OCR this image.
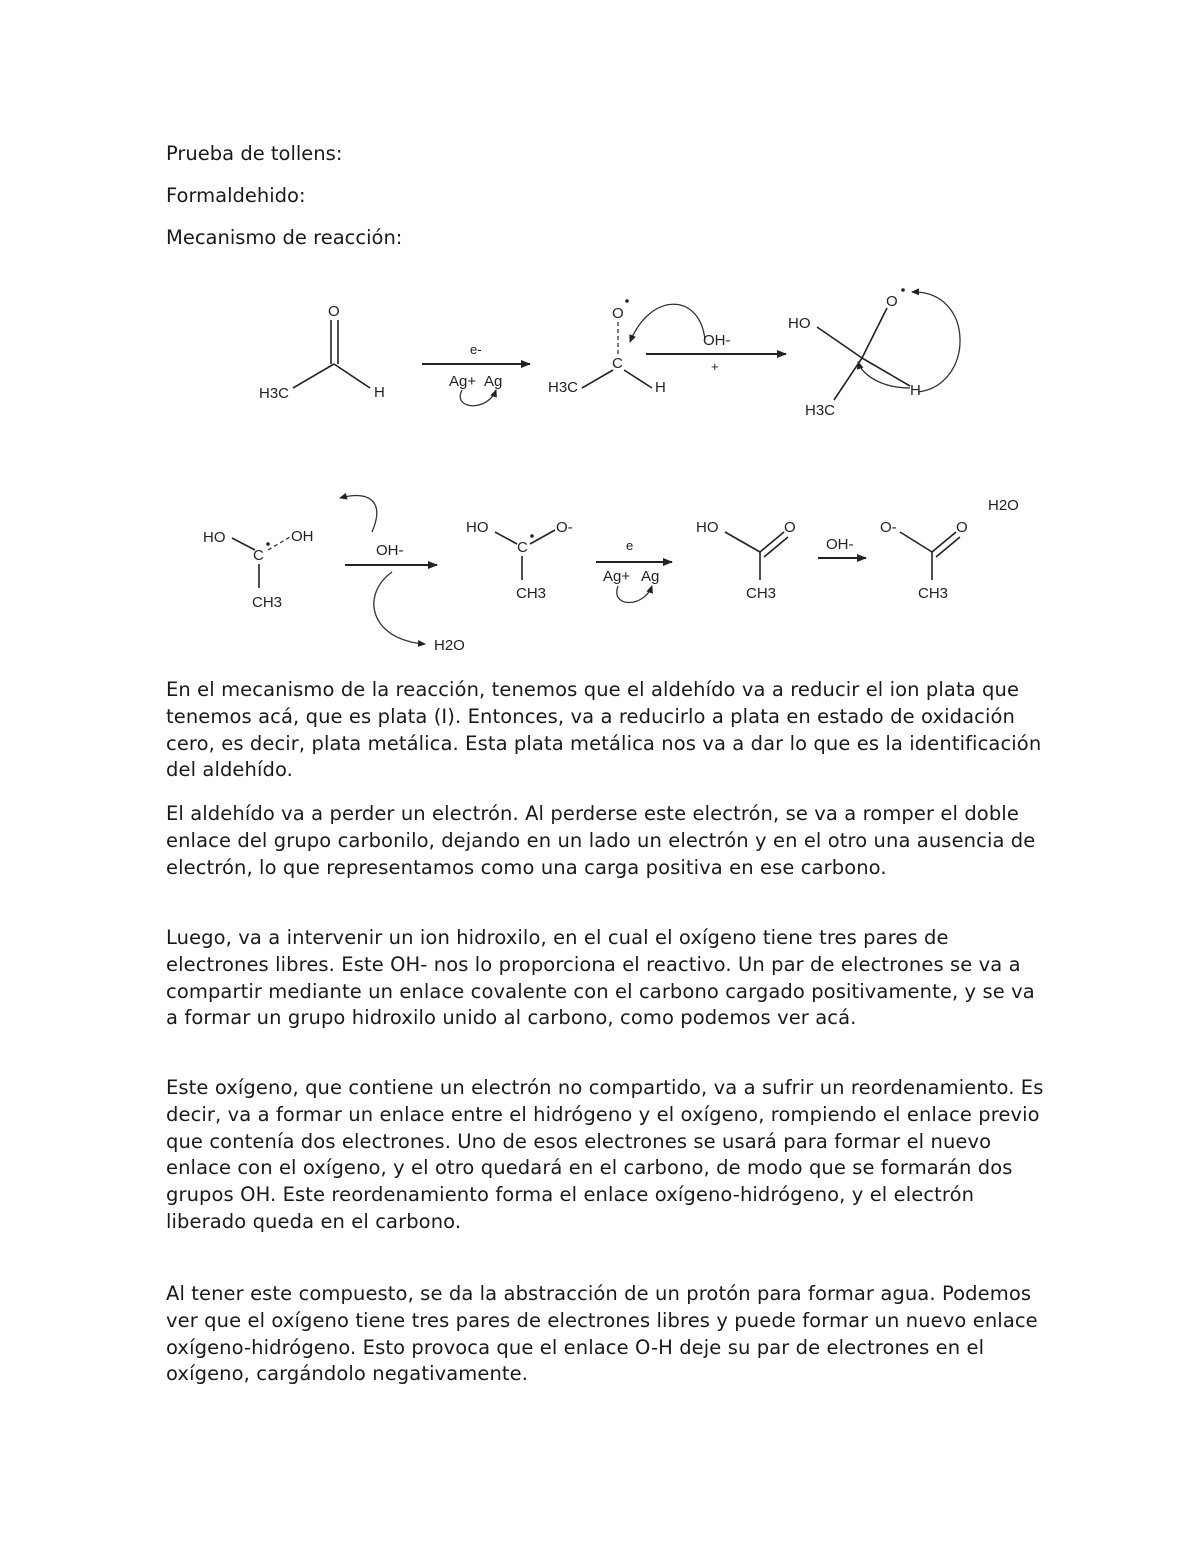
Prueba de tollens:
Formaldehido:
Mecanismo de reacción:
O
H3C	H
e-
Ag+ Ag
O
C
H3C	H
OH-
+
HO
O
H3C
H
HO	OH
C
CH3
OH-
H2O
HO	O-
C
CH3
e
Ag+ Ag
HO	O
CH3
OH-
O-	O
CH3
H2O

En el mecanismo de la reacción, tenemos que el aldehído va a reducir el ion plata que tenemos acá, que es plata (I). Entonces, va a reducirlo a plata en estado de oxidación cero, es decir, plata metálica. Esta plata metálica nos va a dar lo que es la identificación del aldehído.

El aldehído va a perder un electrón. Al perderse este electrón, se va a romper el doble enlace del grupo carbonilo, dejando en un lado un electrón y en el otro una ausencia de electrón, lo que representamos como una carga positiva en ese carbono.

Luego, va a intervenir un ion hidroxilo, en el cual el oxígeno tiene tres pares de electrones libres. Este OH- nos lo proporciona el reactivo. Un par de electrones se va a compartir mediante un enlace covalente con el carbono cargado positivamente, y se va a formar un grupo hidroxilo unido al carbono, como podemos ver acá.

Este oxígeno, que contiene un electrón no compartido, va a sufrir un reordenamiento. Es decir, va a formar un enlace entre el hidrógeno y el oxígeno, rompiendo el enlace previo que contenía dos electrones. Uno de esos electrones se usará para formar el nuevo enlace con el oxígeno, y el otro quedará en el carbono, de modo que se formarán dos grupos OH. Este reordenamiento forma el enlace oxígeno-hidrógeno, y el electrón liberado queda en el carbono.

Al tener este compuesto, se da la abstracción de un protón para formar agua. Podemos ver que el oxígeno tiene tres pares de electrones libres y puede formar un nuevo enlace oxígeno-hidrógeno. Esto provoca que el enlace O-H deje su par de electrones en el oxígeno, cargándolo negativamente.
